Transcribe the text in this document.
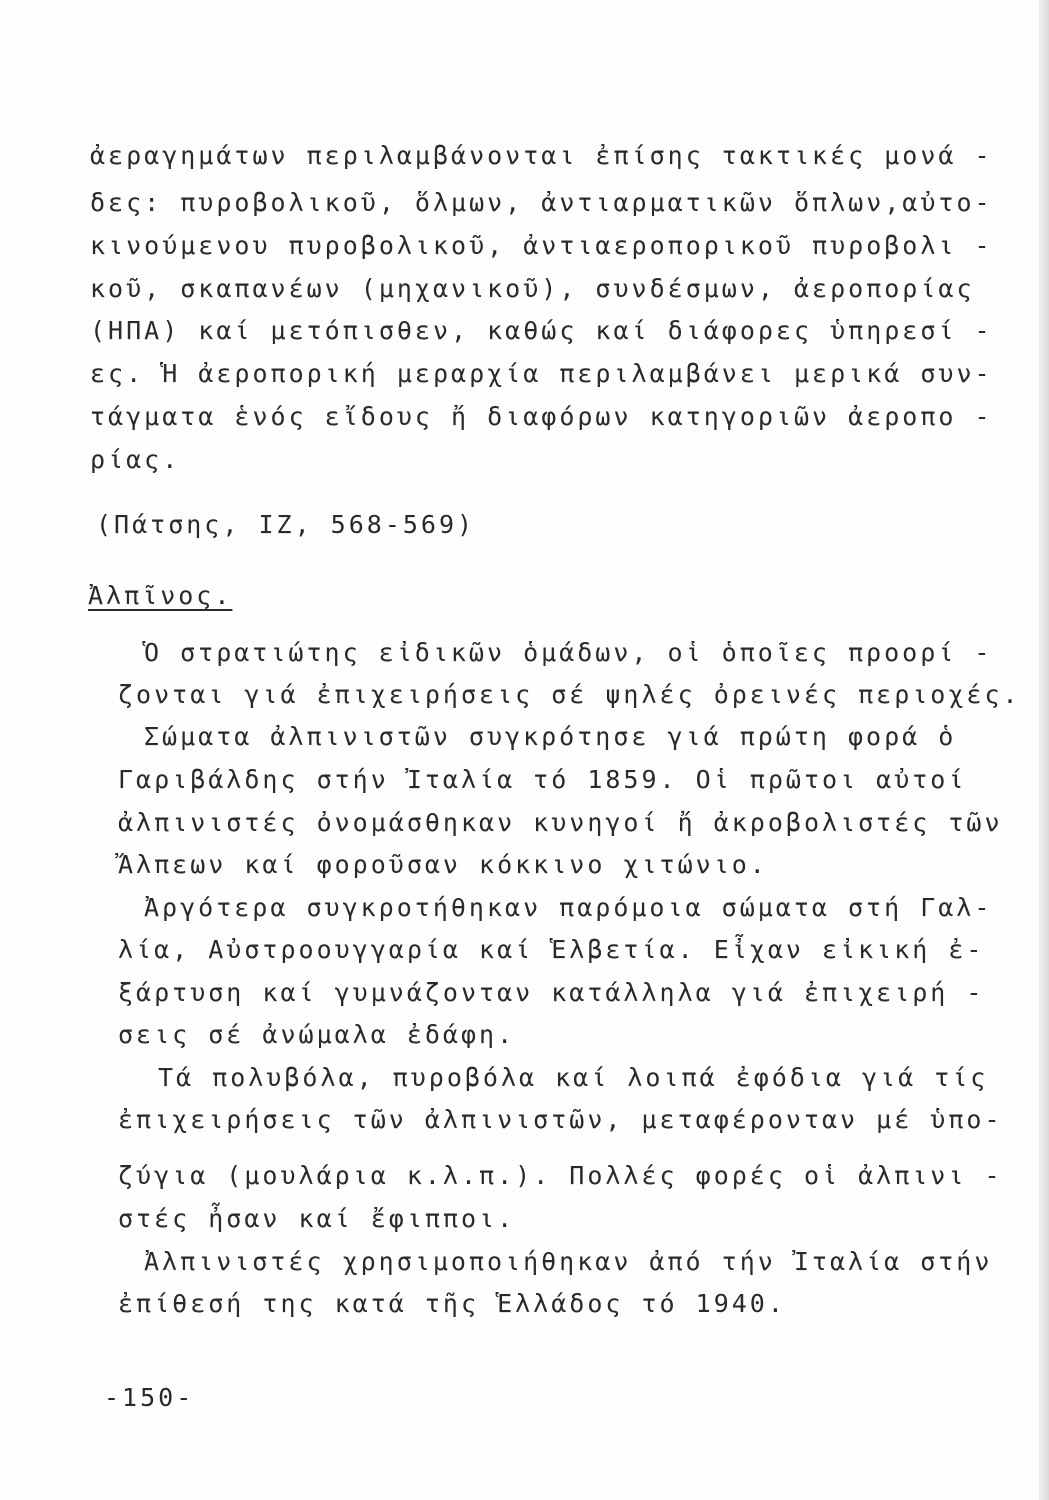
ἀεραγημάτων περιλαμβάνονται ἐπίσης τακτικές μονά -
δες: πυροβολικοῦ, ὅλμων, ἀντιαρματικῶν ὅπλων,αὐτο-
κινούμενου πυροβολικοῦ, ἀντιαεροπορικοῦ πυροβολι -
κοῦ, σκαπανέων (μηχανικοῦ), συνδέσμων, ἀεροπορίας
(ΗΠΑ) καί μετόπισθεν, καθώς καί διάφορες ὑπηρεσί -
ες. Ἡ ἀεροπορική μεραρχία περιλαμβάνει μερικά συν-
τάγματα ἑνός εἴδους ἤ διαφόρων κατηγοριῶν ἀεροπο -
ρίας.
(Πάτσης, ΙΖ, 568-569)
Ἀλπῖνος.
Ὁ στρατιώτης εἰδικῶν ὁμάδων, οἱ ὁποῖες προορί -
ζονται γιά ἐπιχειρήσεις σέ ψηλές ὀρεινές περιοχές.
Σώματα ἀλπινιστῶν συγκρότησε γιά πρώτη φορά ὁ
Γαριβάλδης στήν Ἰταλία τό 1859. Οἱ πρῶτοι αὐτοί
ἀλπινιστές ὀνομάσθηκαν κυνηγοί ἤ ἀκροβολιστές τῶν
Ἄλπεων καί φοροῦσαν κόκκινο χιτώνιο.
Ἀργότερα συγκροτήθηκαν παρόμοια σώματα στή Γαλ-
λία, Αὐστροουγγαρία καί Ἑλβετία. Εἶχαν εἰκική ἐ-
ξάρτυση καί γυμνάζονταν κατάλληλα γιά ἐπιχειρή -
σεις σέ ἀνώμαλα ἐδάφη.
Τά πολυβόλα, πυροβόλα καί λοιπά ἐφόδια γιά τίς
ἐπιχειρήσεις τῶν ἀλπινιστῶν, μεταφέρονταν μέ ὑπο-
ζύγια (μουλάρια κ.λ.π.). Πολλές φορές οἱ ἀλπινι -
στές ἦσαν καί ἔφιπποι.
Ἀλπινιστές χρησιμοποιήθηκαν ἀπό τήν Ἰταλία στήν
ἐπίθεσή της κατά τῆς Ἑλλάδος τό 1940.
-150-
